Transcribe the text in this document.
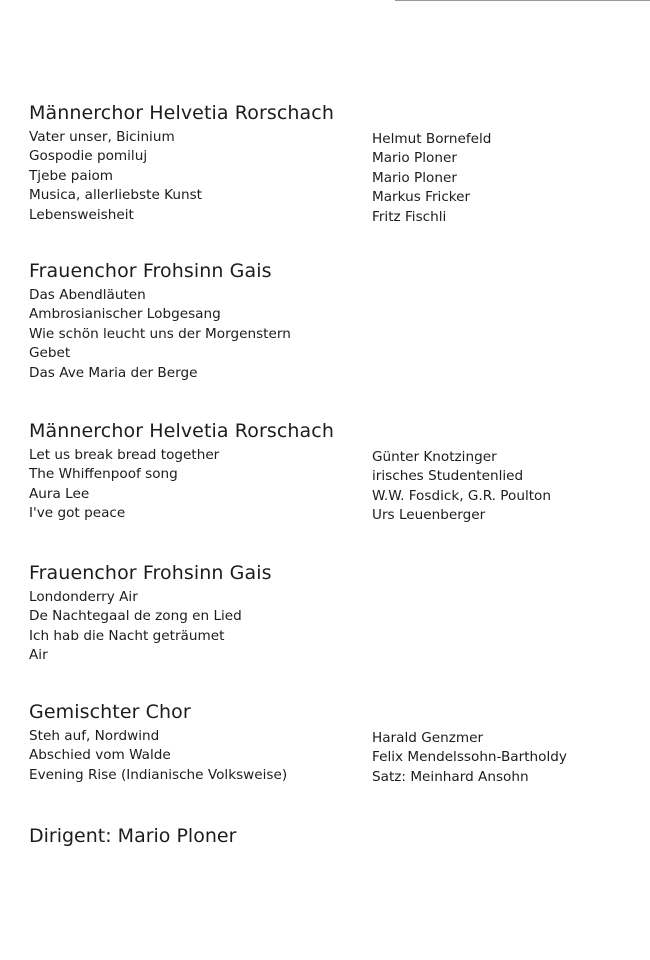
Männerchor Helvetia Rorschach
Vater unser, Bicinium	Helmut Bornefeld
Gospodie pomiluj	Mario Ploner
Tjebe paiom	Mario Ploner
Musica, allerliebste Kunst	Markus Fricker
Lebensweisheit	Fritz Fischli
Frauenchor Frohsinn Gais
Das Abendläuten
Ambrosianischer Lobgesang
Wie schön leucht uns der Morgenstern
Gebet
Das Ave Maria der Berge
Männerchor Helvetia Rorschach
Let us break bread together	Günter Knotzinger
The Whiffenpoof song	irisches Studentenlied
Aura Lee	W.W. Fosdick, G.R. Poulton
I've got peace	Urs Leuenberger
Frauenchor Frohsinn Gais
Londonderry Air
De Nachtegaal de zong en Lied
Ich hab die Nacht geträumet
Air
Gemischter Chor
Steh auf, Nordwind	Harald Genzmer
Abschied vom Walde	Felix Mendelssohn-Bartholdy
Evening Rise (Indianische Volksweise)	Satz: Meinhard Ansohn
Dirigent: Mario Ploner
